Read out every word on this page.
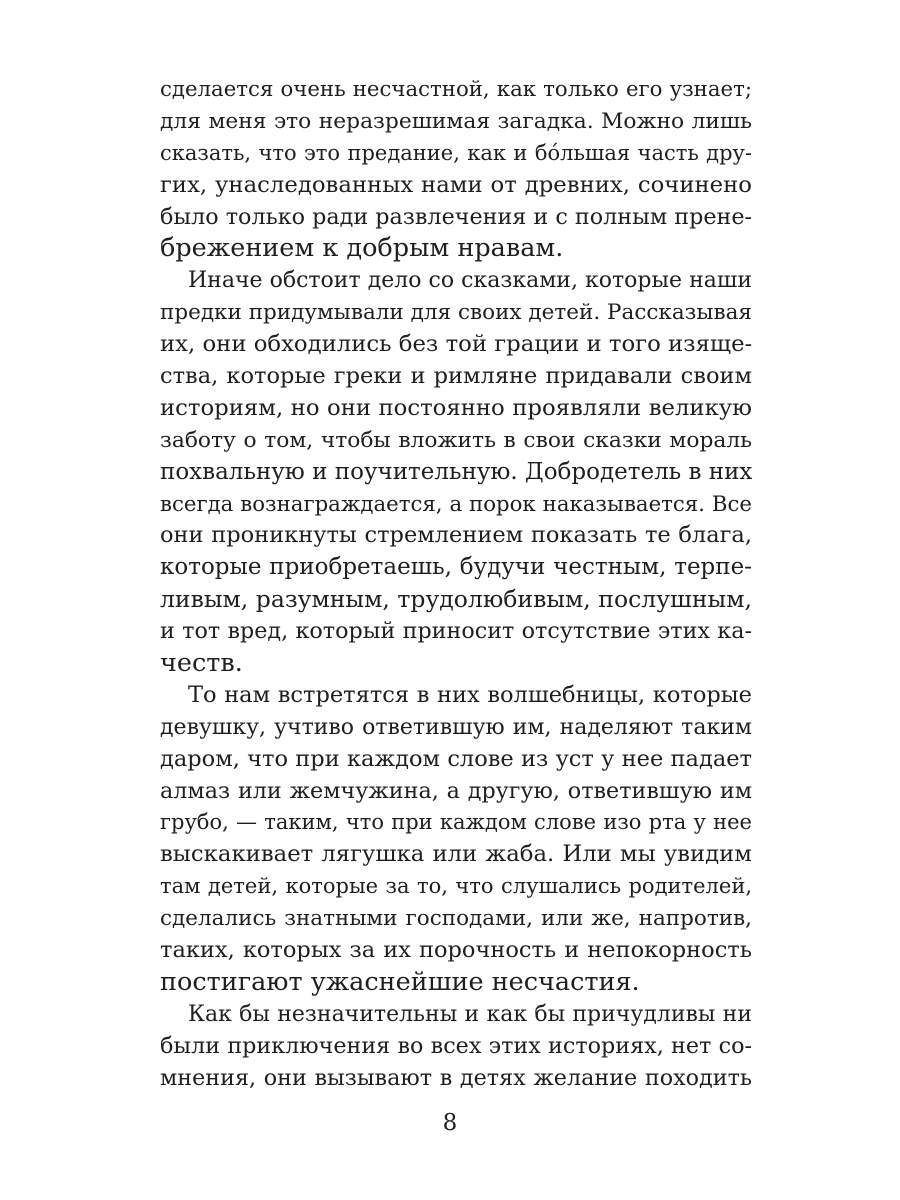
сделается очень несчастной, как только его узнает;
для меня это неразрешимая загадка. Можно лишь
сказать, что это предание, как и бóльшая часть дру-
гих, унаследованных нами от древних, сочинено
было только ради развлечения и с полным прене-
брежением к добрым нравам.
Иначе обстоит дело со сказками, которые наши
предки придумывали для своих детей. Рассказывая
их, они обходились без той грации и того изяще-
ства, которые греки и римляне придавали своим
историям, но они постоянно проявляли великую
заботу о том, чтобы вложить в свои сказки мораль
похвальную и поучительную. Добродетель в них
всегда вознаграждается, а порок наказывается. Все
они проникнуты стремлением показать те блага,
которые приобретаешь, будучи честным, терпе-
ливым, разумным, трудолюбивым, послушным,
и тот вред, который приносит отсутствие этих ка-
честв.
То нам встретятся в них волшебницы, которые
девушку, учтиво ответившую им, наделяют таким
даром, что при каждом слове из уст у нее падает
алмаз или жемчужина, а другую, ответившую им
грубо, — таким, что при каждом слове изо рта у нее
выскакивает лягушка или жаба. Или мы увидим
там детей, которые за то, что слушались родителей,
сделались знатными господами, или же, напротив,
таких, которых за их порочность и непокорность
постигают ужаснейшие несчастия.
Как бы незначительны и как бы причудливы ни
были приключения во всех этих историях, нет со-
мнения, они вызывают в детях желание походить
8
